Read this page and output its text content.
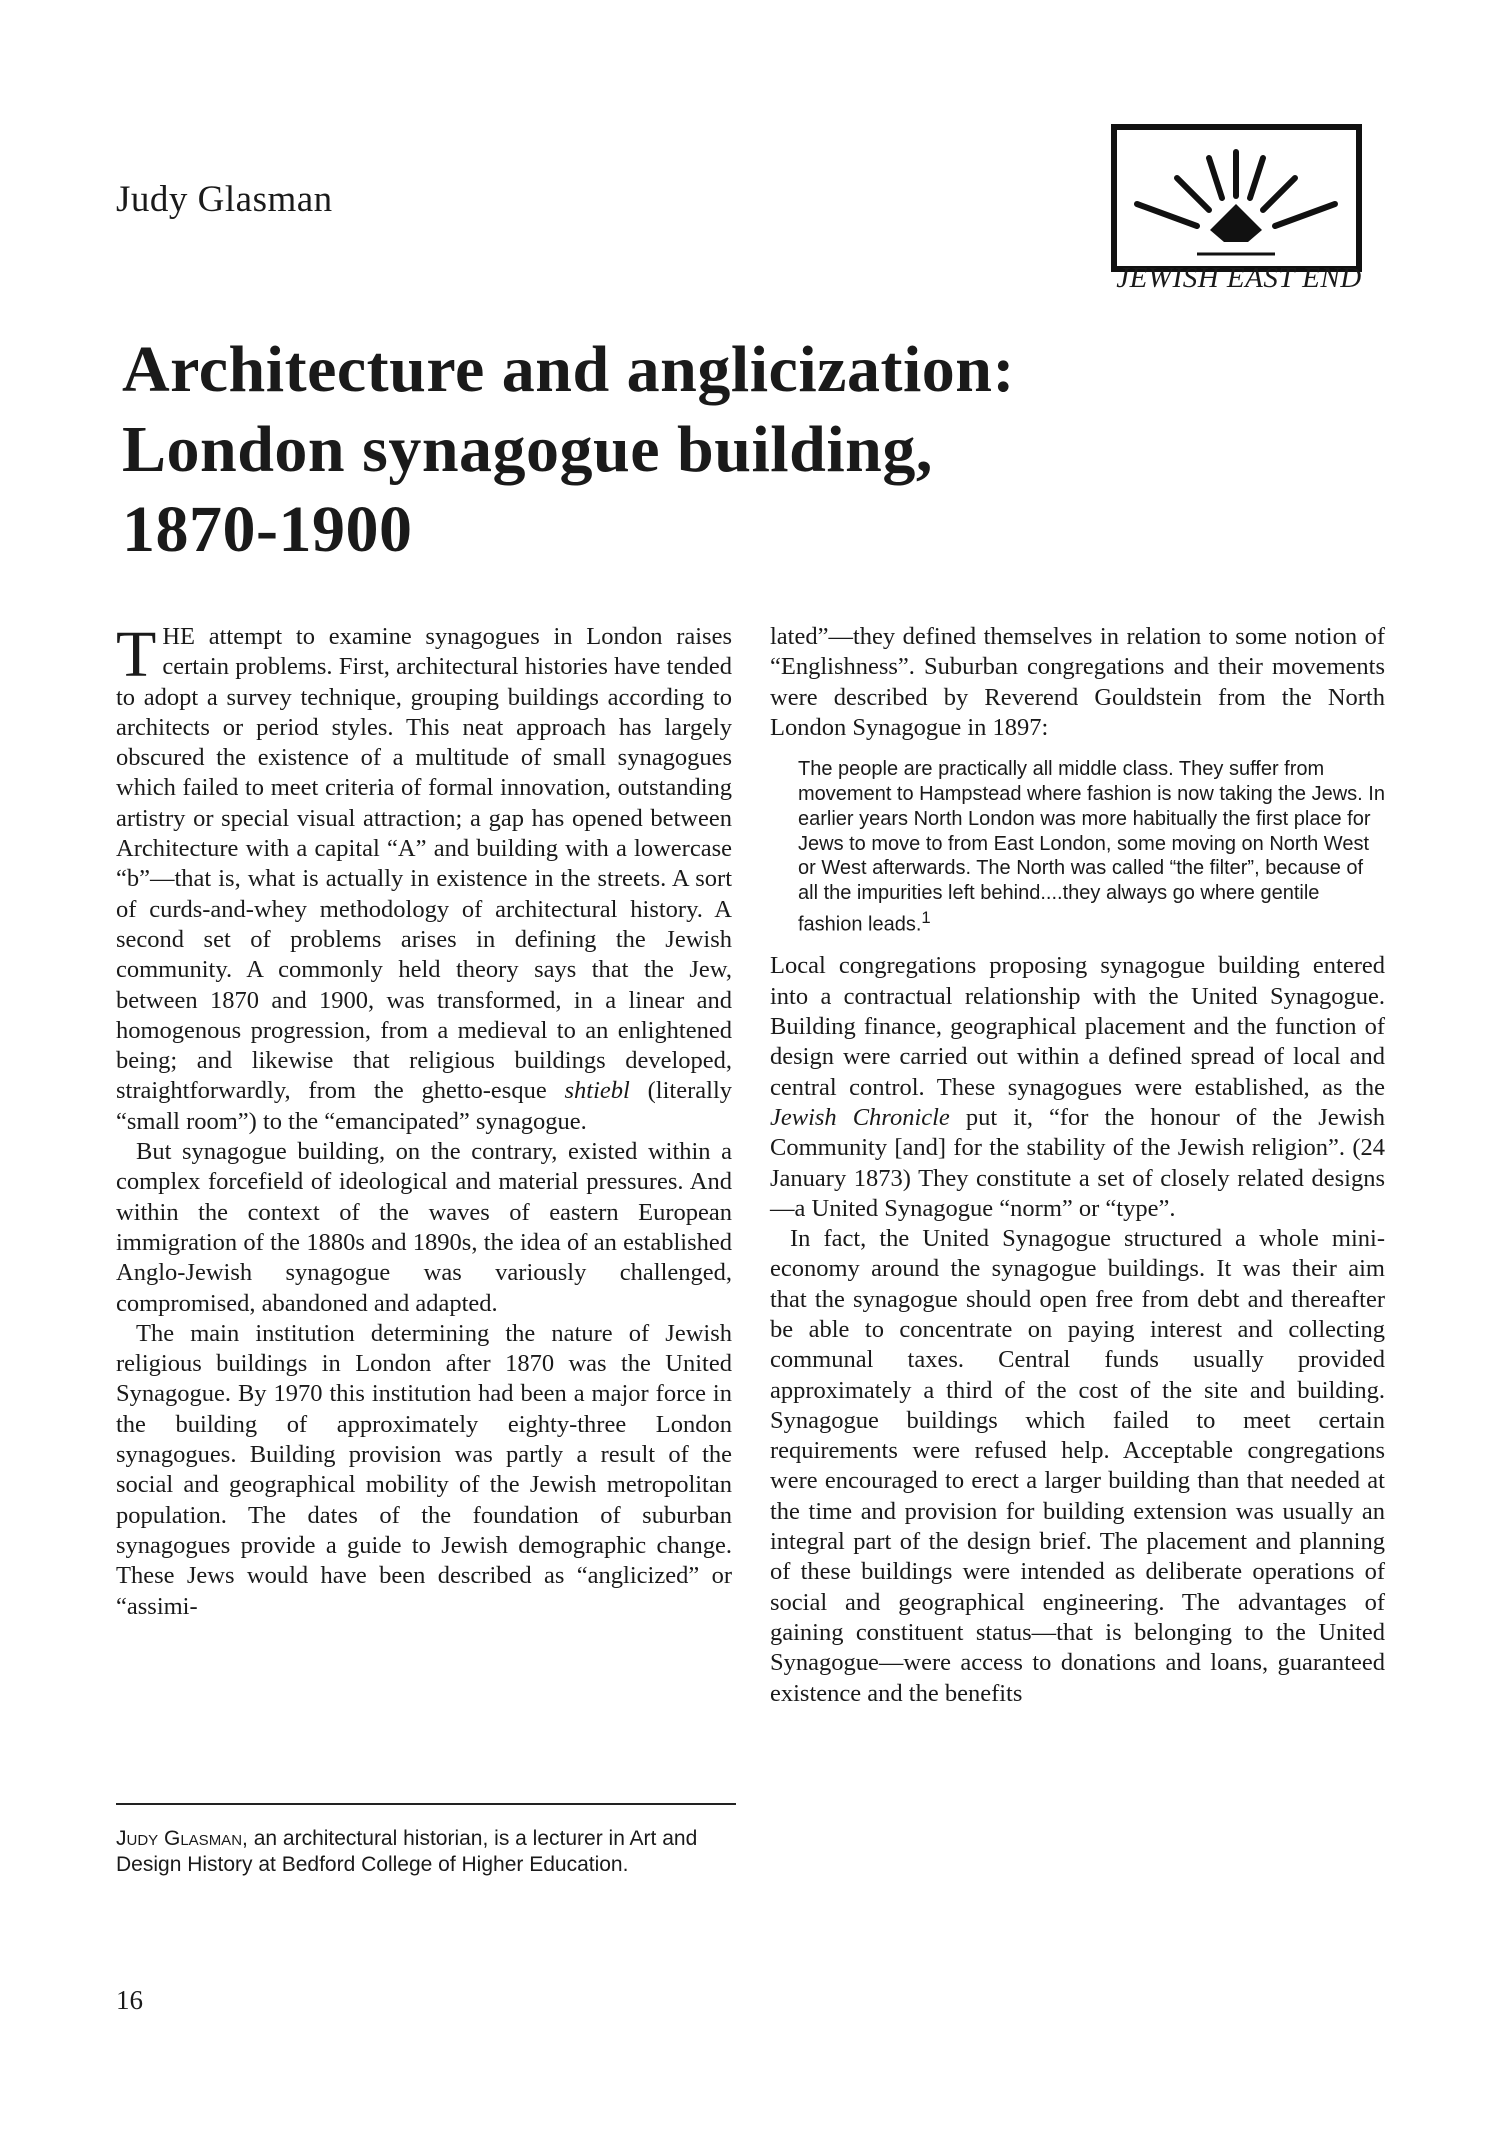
Judy Glasman
JEWISH EAST END
Architecture and anglicization:
London synagogue building,
1870-1900

THE attempt to examine synagogues in London raises certain problems. First, architectural histories have tended to adopt a survey technique, grouping buildings according to architects or period styles. This neat approach has largely obscured the existence of a multitude of small synagogues which failed to meet criteria of formal innovation, outstanding artistry or special visual attraction; a gap has opened between Architecture with a capital “A” and building with a lowercase “b”—that is, what is actually in existence in the streets. A sort of curds-and-whey methodology of architectural history. A second set of problems arises in defining the Jewish community. A commonly held theory says that the Jew, between 1870 and 1900, was transformed, in a linear and homogenous progression, from a medieval to an enlightened being; and likewise that religious buildings developed, straightforwardly, from the ghetto-esque shtiebl (literally “small room”) to the “emancipated” synagogue.

But synagogue building, on the contrary, existed within a complex forcefield of ideological and material pressures. And within the context of the waves of eastern European immigration of the 1880s and 1890s, the idea of an established Anglo-Jewish synagogue was variously challenged, compromised, abandoned and adapted.

The main institution determining the nature of Jewish religious buildings in London after 1870 was the United Synagogue. By 1970 this institution had been a major force in the building of approximately eighty-three London synagogues. Building provision was partly a result of the social and geographical mobility of the Jewish metropolitan population. The dates of the foundation of suburban synagogues provide a guide to Jewish demographic change. These Jews would have been described as “anglicized” or “assimi-

lated”—they defined themselves in relation to some notion of “Englishness”. Suburban congregations and their movements were described by Reverend Gouldstein from the North London Synagogue in 1897:

The people are practically all middle class. They suffer from movement to Hampstead where fashion is now taking the Jews. In earlier years North London was more habitually the first place for Jews to move to from East London, some moving on North West or West afterwards. The North was called “the filter”, because of all the impurities left behind....they always go where gentile fashion leads.$^1$

Local congregations proposing synagogue building entered into a contractual relationship with the United Synagogue. Building finance, geographical placement and the function of design were carried out within a defined spread of local and central control. These synagogues were established, as the Jewish Chronicle put it, “for the honour of the Jewish Community [and] for the stability of the Jewish religion”. (24 January 1873) They constitute a set of closely related designs—a United Synagogue “norm” or “type”.

In fact, the United Synagogue structured a whole mini-economy around the synagogue buildings. It was their aim that the synagogue should open free from debt and thereafter be able to concentrate on paying interest and collecting communal taxes. Central funds usually provided approximately a third of the cost of the site and building. Synagogue buildings which failed to meet certain requirements were refused help. Acceptable congregations were encouraged to erect a larger building than that needed at the time and provision for building extension was usually an integral part of the design brief. The placement and planning of these buildings were intended as deliberate operations of social and geographical engineering. The advantages of gaining constituent status—that is belonging to the United Synagogue—were access to donations and loans, guaranteed existence and the benefits

Judy Glasman, an architectural historian, is a lecturer in Art and Design History at Bedford College of Higher Education.
16
